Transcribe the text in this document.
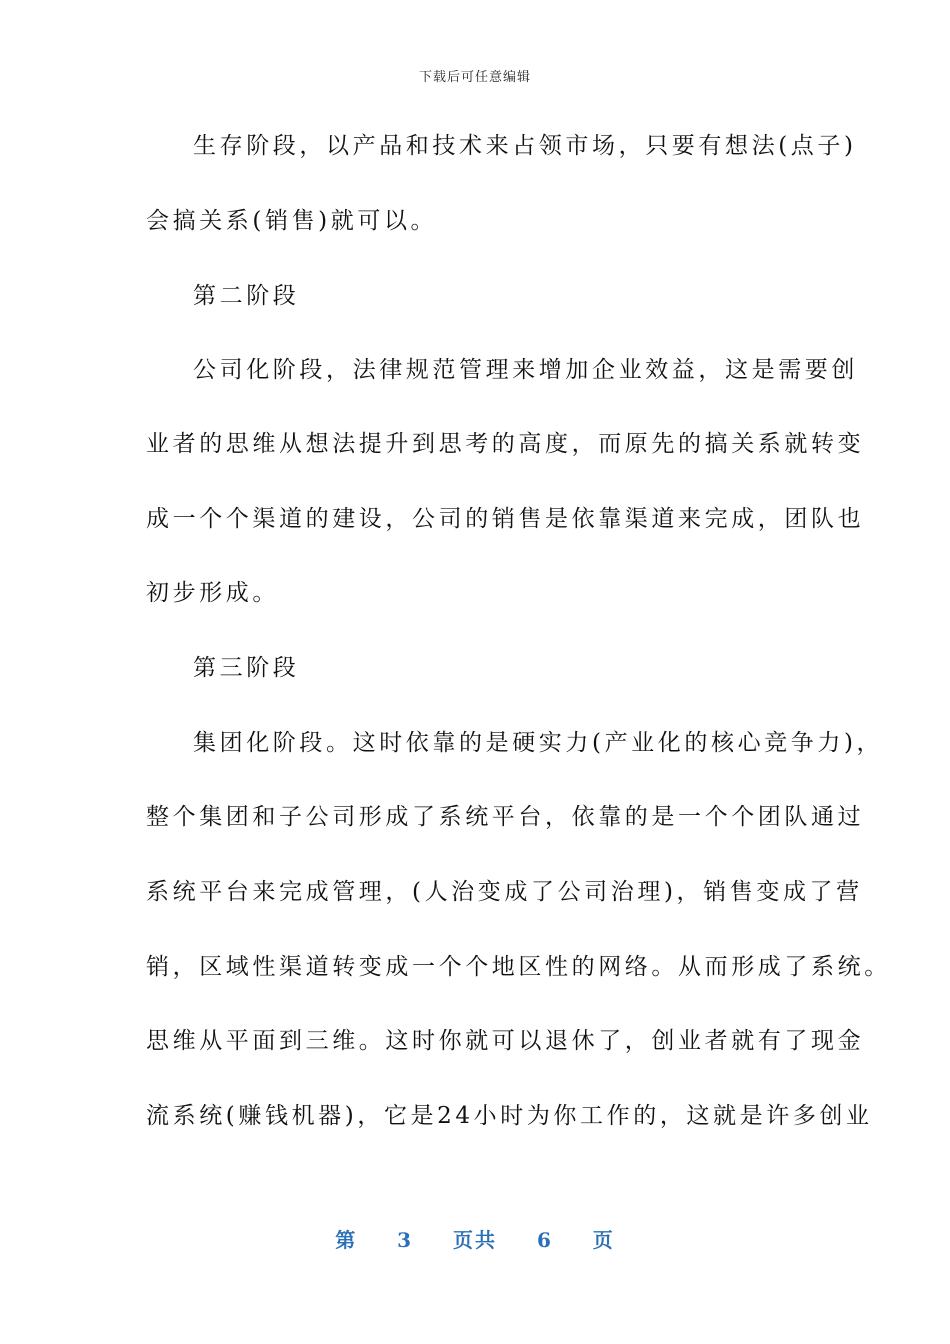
下载后可任意编辑
生存阶段，以产品和技术来占领市场，只要有想法(点子)
会搞关系(销售)就可以。
第二阶段
公司化阶段，法律规范管理来增加企业效益，这是需要创
业者的思维从想法提升到思考的高度，而原先的搞关系就转变
成一个个渠道的建设，公司的销售是依靠渠道来完成，团队也
初步形成。
第三阶段
集团化阶段。这时依靠的是硬实力(产业化的核心竞争力)，
整个集团和子公司形成了系统平台，依靠的是一个个团队通过
系统平台来完成管理，(人治变成了公司治理)，销售变成了营
销，区域性渠道转变成一个个地区性的网络。从而形成了系统。
思维从平面到三维。这时你就可以退休了，创业者就有了现金
流系统(赚钱机器)，它是24小时为你工作的，这就是许多创业
第 3 页共 6 页
